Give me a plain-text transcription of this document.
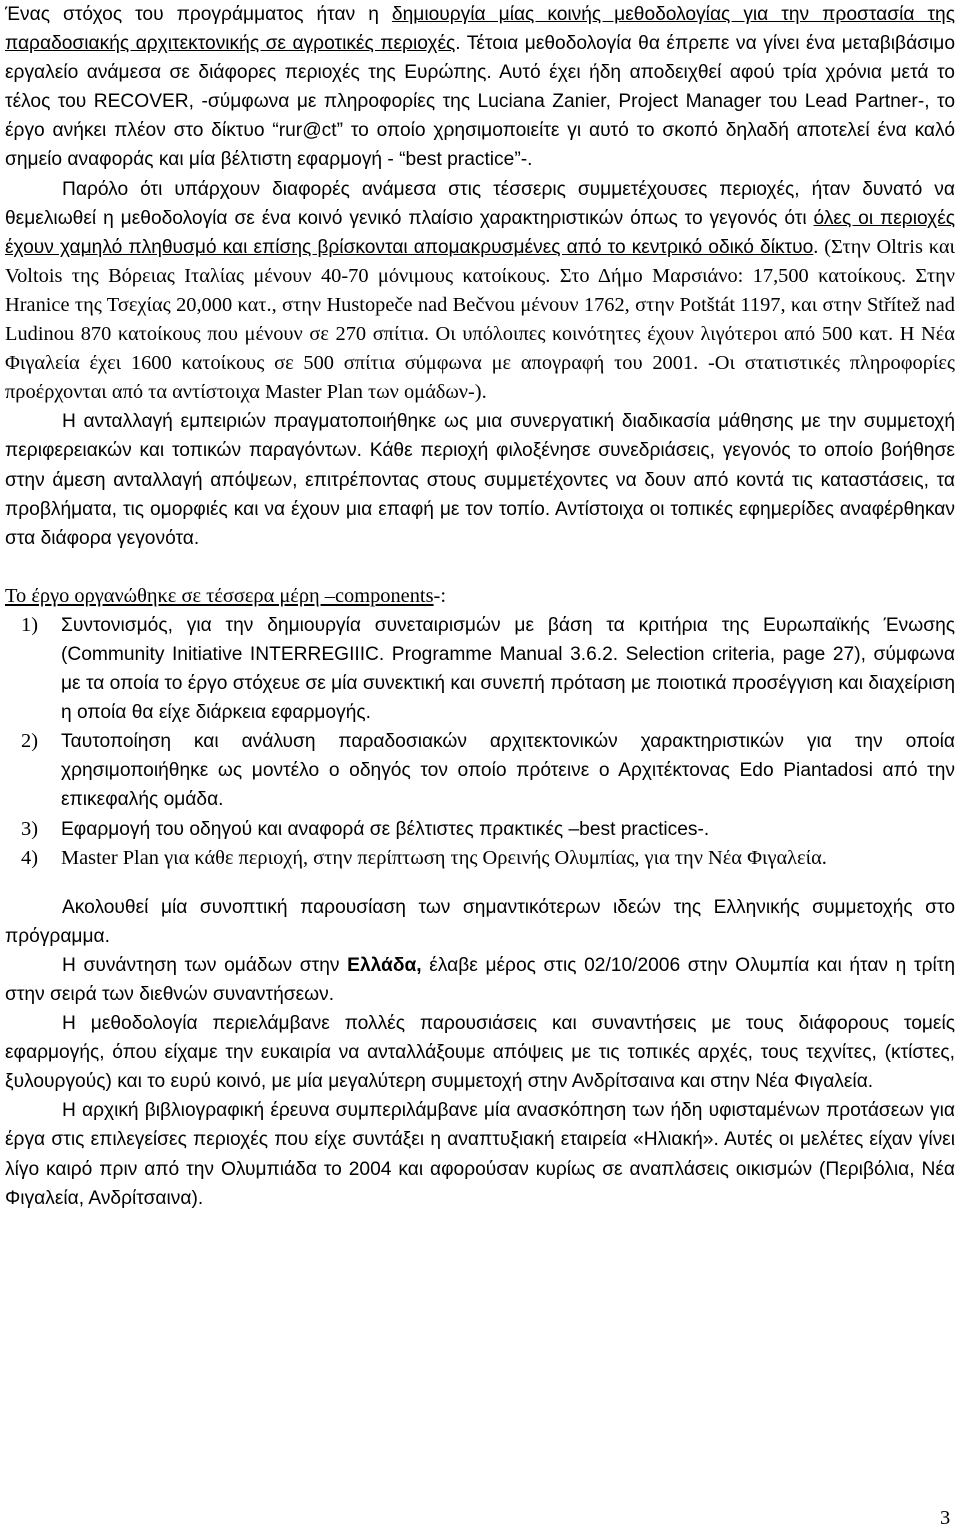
Ένας στόχος του προγράμματος ήταν η δημιουργία μίας κοινής μεθοδολογίας για την προστασία της παραδοσιακής αρχιτεκτονικής σε αγροτικές περιοχές. Τέτοια μεθοδολογία θα έπρεπε να γίνει ένα μεταβιβάσιμο εργαλείο ανάμεσα σε διάφορες περιοχές της Ευρώπης. Αυτό έχει ήδη αποδειχθεί αφού τρία χρόνια μετά το τέλος του RECOVER, -σύμφωνα με πληροφορίες της Luciana Zanier, Project Manager του Lead Partner-, το έργο ανήκει πλέον στο δίκτυο “rur@ct” το οποίο χρησιμοποιείτε γι αυτό το σκοπό δηλαδή αποτελεί ένα καλό σημείο αναφοράς και μία βέλτιστη εφαρμογή - “best practice”-.

Παρόλο ότι υπάρχουν διαφορές ανάμεσα στις τέσσερις συμμετέχουσες περιοχές, ήταν δυνατό να θεμελιωθεί η μεθοδολογία σε ένα κοινό γενικό πλαίσιο χαρακτηριστικών όπως το γεγονός ότι όλες οι περιοχές έχουν χαμηλό πληθυσμό και επίσης βρίσκονται απομακρυσμένες από το κεντρικό οδικό δίκτυο. (Στην Oltris και Voltois της Βόρειας Ιταλίας μένουν 40-70 μόνιμους κατοίκους. Στο Δήμο Μαρσιάνο: 17,500 κατοίκους. Στην Hranice της Τσεχίας 20,000 κατ., στην Hustopeče nad Bečvou μένουν 1762, στην Potštát 1197, και στην Střítež nad Ludinou 870 κατοίκους που μένουν σε 270 σπίτια. Οι υπόλοιπες κοινότητες έχουν λιγότεροι από 500 κατ. Η Νέα Φιγαλεία έχει 1600 κατοίκους σε 500 σπίτια σύμφωνα με απογραφή του 2001. -Οι στατιστικές πληροφορίες προέρχονται από τα αντίστοιχα Master Plan των ομάδων-).

Η ανταλλαγή εμπειριών πραγματοποιήθηκε ως μια συνεργατική διαδικασία μάθησης με την συμμετοχή περιφερειακών και τοπικών παραγόντων. Κάθε περιοχή φιλοξένησε συνεδριάσεις, γεγονός το οποίο βοήθησε στην άμεση ανταλλαγή απόψεων, επιτρέποντας στους συμμετέχοντες να δουν από κοντά τις καταστάσεις, τα προβλήματα, τις ομορφιές και να έχουν μια επαφή με τον τοπίο. Αντίστοιχα οι τοπικές εφημερίδες αναφέρθηκαν στα διάφορα γεγονότα.

Το έργο οργανώθηκε σε τέσσερα μέρη –components-:

1) Συντονισμός, για την δημιουργία συνεταιρισμών με βάση τα κριτήρια της Ευρωπαϊκής Ένωσης (Community Initiative INTERREGIIIC. Programme Manual 3.6.2. Selection criteria, page 27), σύμφωνα με τα οποία το έργο στόχευε σε μία συνεκτική και συνεπή πρόταση με ποιοτικά προσέγγιση και διαχείριση η οποία θα είχε διάρκεια εφαρμογής.
2) Ταυτοποίηση και ανάλυση παραδοσιακών αρχιτεκτονικών χαρακτηριστικών για την οποία χρησιμοποιήθηκε ως μοντέλο ο οδηγός τον οποίο πρότεινε ο Αρχιτέκτονας Edo Piantadosi από την επικεφαλής ομάδα.
3) Εφαρμογή του οδηγού και αναφορά σε βέλτιστες πρακτικές –best practices-.
4) Master Plan για κάθε περιοχή, στην περίπτωση της Ορεινής Ολυμπίας, για την Νέα Φιγαλεία.

Ακολουθεί μία συνοπτική παρουσίαση των σημαντικότερων ιδεών της Ελληνικής συμμετοχής στο πρόγραμμα.

Η συνάντηση των ομάδων στην Ελλάδα, έλαβε μέρος στις 02/10/2006 στην Ολυμπία και ήταν η τρίτη στην σειρά των διεθνών συναντήσεων.

Η μεθοδολογία περιελάμβανε πολλές παρουσιάσεις και συναντήσεις με τους διάφορους τομείς εφαρμογής, όπου είχαμε την ευκαιρία να ανταλλάξουμε απόψεις με τις τοπικές αρχές, τους τεχνίτες, (κτίστες, ξυλουργούς) και το ευρύ κοινό, με μία μεγαλύτερη συμμετοχή στην Ανδρίτσαινα και στην Νέα Φιγαλεία.

Η αρχική βιβλιογραφική έρευνα συμπεριλάμβανε μία ανασκόπηση των ήδη υφισταμένων προτάσεων για έργα στις επιλεγείσες περιοχές που είχε συντάξει η αναπτυξιακή εταιρεία «Ηλιακή». Αυτές οι μελέτες είχαν γίνει λίγο καιρό πριν από την Ολυμπιάδα το 2004 και αφορούσαν κυρίως σε αναπλάσεις οικισμών (Περιβόλια, Νέα Φιγαλεία, Ανδρίτσαινα).

3
